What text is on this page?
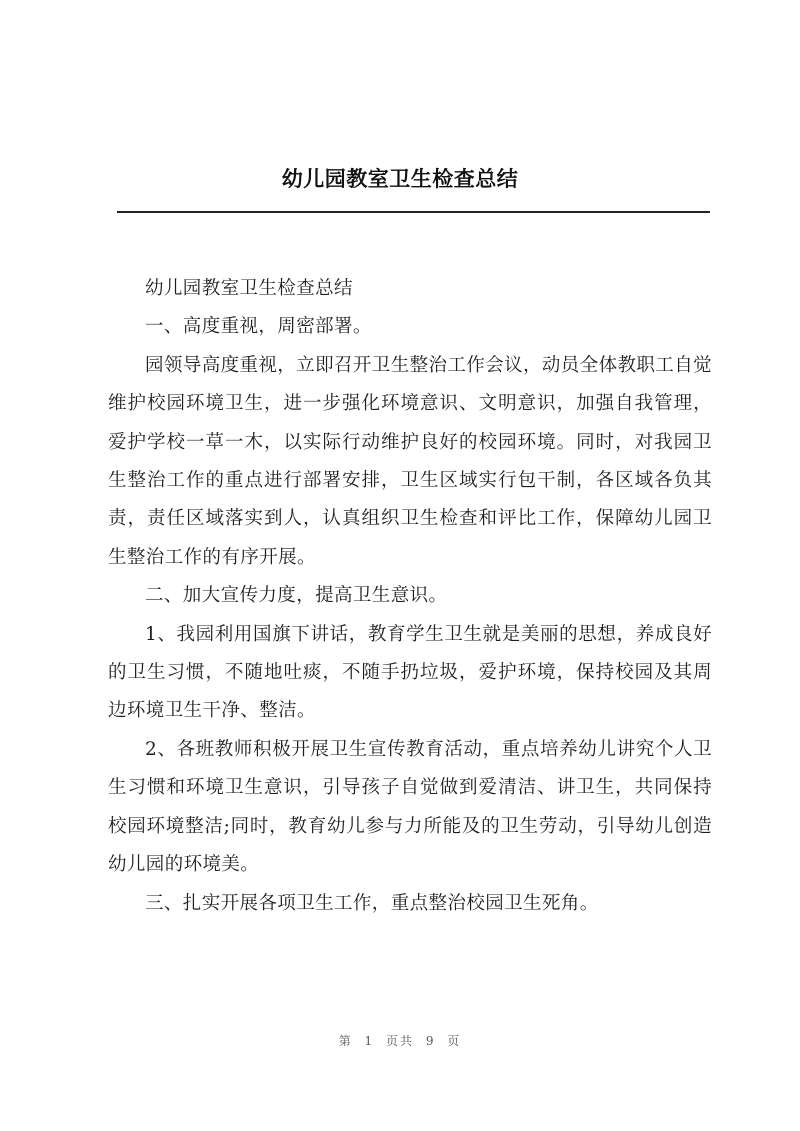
幼儿园教室卫生检查总结

幼儿园教室卫生检查总结

一、高度重视，周密部署。

园领导高度重视，立即召开卫生整治工作会议，动员全体教职工自觉维护校园环境卫生，进一步强化环境意识、文明意识，加强自我管理，爱护学校一草一木，以实际行动维护良好的校园环境。同时，对我园卫生整治工作的重点进行部署安排，卫生区域实行包干制，各区域各负其责，责任区域落实到人，认真组织卫生检查和评比工作，保障幼儿园卫生整治工作的有序开展。

二、加大宣传力度，提高卫生意识。

1、我园利用国旗下讲话，教育学生卫生就是美丽的思想，养成良好的卫生习惯，不随地吐痰，不随手扔垃圾，爱护环境，保持校园及其周边环境卫生干净、整洁。

2、各班教师积极开展卫生宣传教育活动，重点培养幼儿讲究个人卫生习惯和环境卫生意识，引导孩子自觉做到爱清洁、讲卫生，共同保持校园环境整洁;同时，教育幼儿参与力所能及的卫生劳动，引导幼儿创造幼儿园的环境美。

三、扎实开展各项卫生工作，重点整治校园卫生死角。

第 1 页共 9 页
